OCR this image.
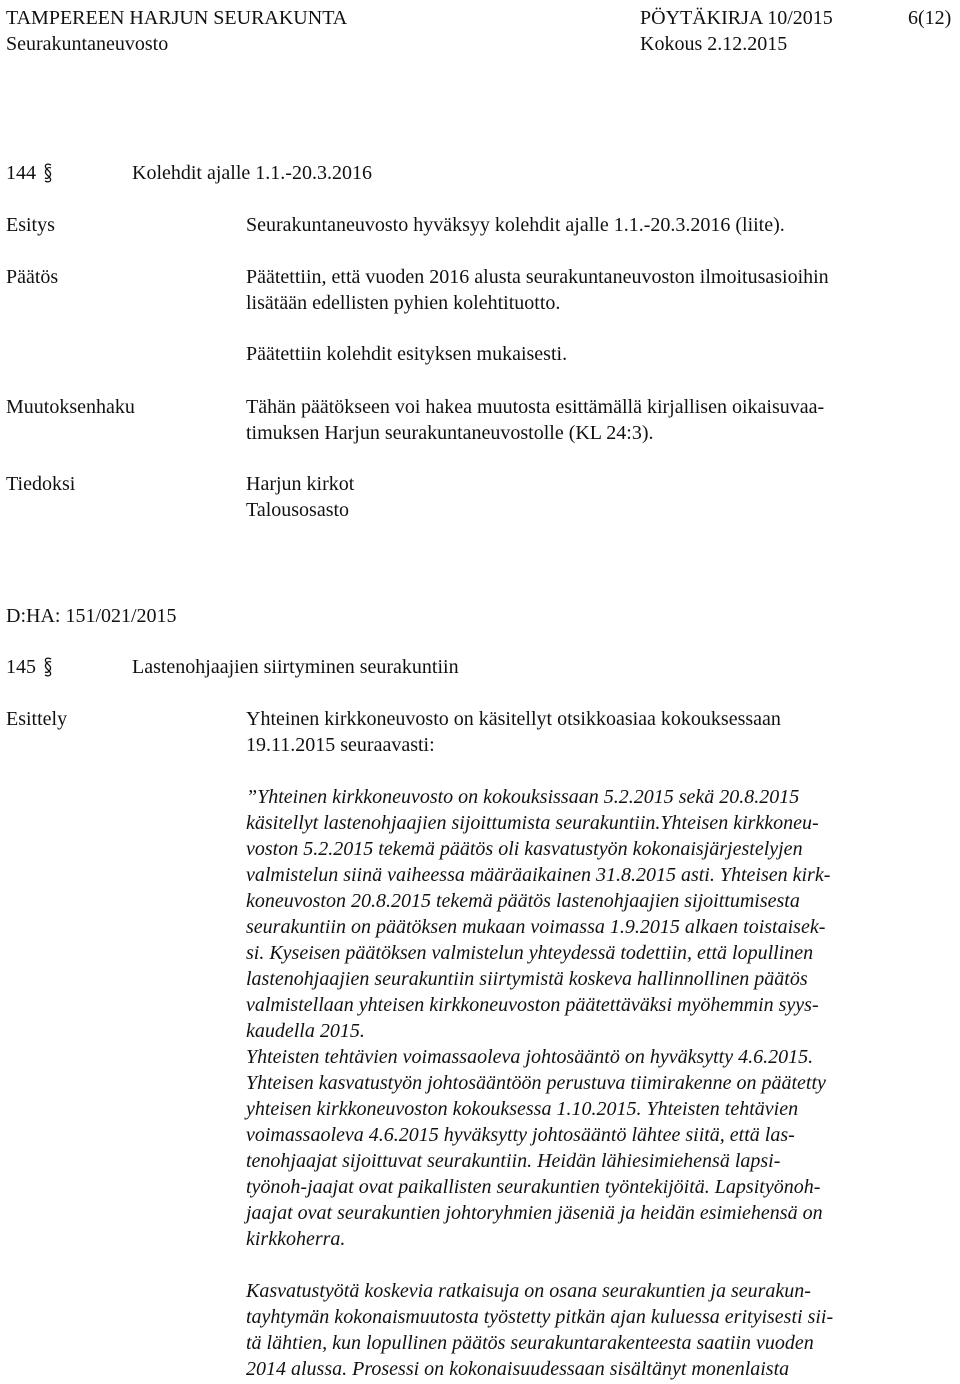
TAMPEREEN HARJUN SEURAKUNTA	PÖYTÄKIRJA 10/2015	6(12)
Seurakuntaneuvosto	Kokous 2.12.2015
144	Kolehdit ajalle 1.1.-20.3.2016
Esitys	Seurakuntaneuvosto hyväksyy kolehdit ajalle 1.1.-20.3.2016 (liite).
Päätös	Päätettiin, että vuoden 2016 alusta seurakuntaneuvoston ilmoitusasioihin

lisätään edellisten pyhien kolehtituotto.

Päätettiin kolehdit esityksen mukaisesti.
Muutoksenhaku	Tähän päätökseen voi hakea muutosta esittämällä kirjallisen oikaisuvaa-

timuksen Harjun seurakuntaneuvostolle (KL 24:3).

Tiedoksi	Harjun kirkot

Talousosasto

D:HA: 151/021/2015
145	Lastenohjaajien siirtyminen seurakuntiin
Esittely	Yhteinen kirkkoneuvosto on käsitellyt otsikkoasiaa kokouksessaan

19.11.2015 seuraavasti:

”Yhteinen kirkkoneuvosto on kokouksissaan 5.2.2015 sekä 20.8.2015

käsitellyt lastenohjaajien sijoittumista seurakuntiin.Yhteisen kirkkoneu-

voston 5.2.2015 tekemä päätös oli kasvatustyön kokonaisjärjestelyjen

valmistelun siinä vaiheessa määräaikainen 31.8.2015 asti. Yhteisen kirk-

koneuvoston 20.8.2015 tekemä päätös lastenohjaajien sijoittumisesta

seurakuntiin on päätöksen mukaan voimassa 1.9.2015 alkaen toistaisek-

si. Kyseisen päätöksen valmistelun yhteydessä todettiin, että lopullinen

lastenohjaajien seurakuntiin siirtymistä koskeva hallinnollinen päätös

valmistellaan yhteisen kirkkoneuvoston päätettäväksi myöhemmin syys-

kaudella 2015.

Yhteisten tehtävien voimassaoleva johtosääntö on hyväksytty 4.6.2015.

Yhteisen kasvatustyön johtosääntöön perustuva tiimirakenne on päätetty

yhteisen kirkkoneuvoston kokouksessa 1.10.2015. Yhteisten tehtävien

voimassaoleva 4.6.2015 hyväksytty johtosääntö lähtee siitä, että las-

tenohjaajat sijoittuvat seurakuntiin. Heidän lähiesimiehensä lapsi-

työnoh-jaajat ovat paikallisten seurakuntien työntekijöitä. Lapsityönoh-

jaajat ovat seurakuntien johtoryhmien jäseniä ja heidän esimiehensä on

kirkkoherra.

Kasvatustyötä koskevia ratkaisuja on osana seurakuntien ja seurakun-

tayhtymän kokonaismuutosta työstetty pitkän ajan kuluessa erityisesti sii-

tä lähtien, kun lopullinen päätös seurakuntarakenteesta saatiin vuoden

2014 alussa. Prosessi on kokonaisuudessaan sisältänyt monenlaista
